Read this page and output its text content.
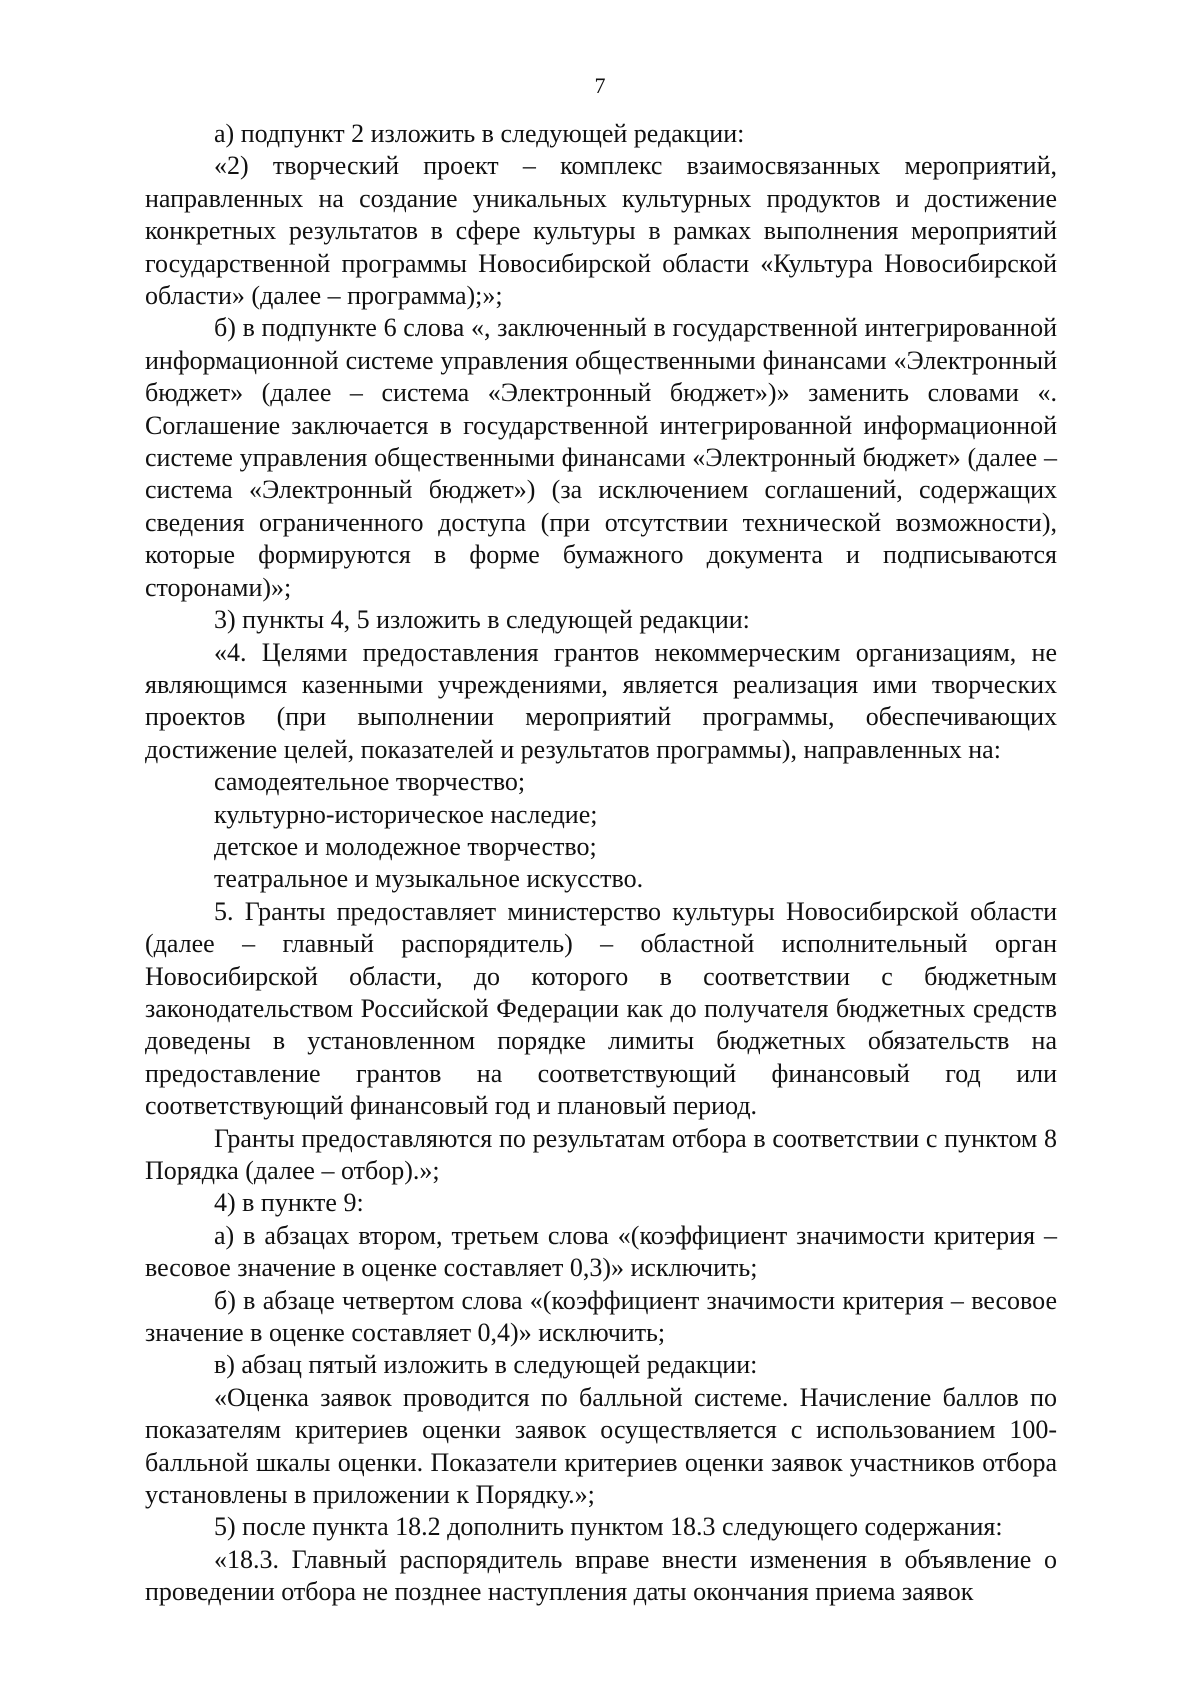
7

а) подпункт 2 изложить в следующей редакции:

«2) творческий проект – комплекс взаимосвязанных мероприятий, направленных на создание уникальных культурных продуктов и достижение конкретных результатов в сфере культуры в рамках выполнения мероприятий государственной программы Новосибирской области «Культура Новосибирской области» (далее – программа);»;

б) в подпункте 6 слова «, заключенный в государственной интегрированной информационной системе управления общественными финансами «Электронный бюджет» (далее – система «Электронный бюджет»)» заменить словами «. Соглашение заключается в государственной интегрированной информационной системе управления общественными финансами «Электронный бюджет» (далее – система «Электронный бюджет») (за исключением соглашений, содержащих сведения ограниченного доступа (при отсутствии технической возможности), которые формируются в форме бумажного документа и подписываются сторонами)»;

3) пункты 4, 5 изложить в следующей редакции:

«4. Целями предоставления грантов некоммерческим организациям, не являющимся казенными учреждениями, является реализация ими творческих проектов (при выполнении мероприятий программы, обеспечивающих достижение целей, показателей и результатов программы), направленных на:

самодеятельное творчество;

культурно-историческое наследие;

детское и молодежное творчество;

театральное и музыкальное искусство.

5. Гранты предоставляет министерство культуры Новосибирской области (далее – главный распорядитель) – областной исполнительный орган Новосибирской области, до которого в соответствии с бюджетным законодательством Российской Федерации как до получателя бюджетных средств доведены в установленном порядке лимиты бюджетных обязательств на предоставление грантов на соответствующий финансовый год или соответствующий финансовый год и плановый период.

Гранты предоставляются по результатам отбора в соответствии с пунктом 8 Порядка (далее – отбор).»;

4) в пункте 9:

а) в абзацах втором, третьем слова «(коэффициент значимости критерия – весовое значение в оценке составляет 0,3)» исключить;

б) в абзаце четвертом слова «(коэффициент значимости критерия – весовое значение в оценке составляет 0,4)» исключить;

в) абзац пятый изложить в следующей редакции:

«Оценка заявок проводится по балльной системе. Начисление баллов по показателям критериев оценки заявок осуществляется с использованием 100-балльной шкалы оценки. Показатели критериев оценки заявок участников отбора установлены в приложении к Порядку.»;

5) после пункта 18.2 дополнить пунктом 18.3 следующего содержания:

«18.3. Главный распорядитель вправе внести изменения в объявление о проведении отбора не позднее наступления даты окончания приема заявок
